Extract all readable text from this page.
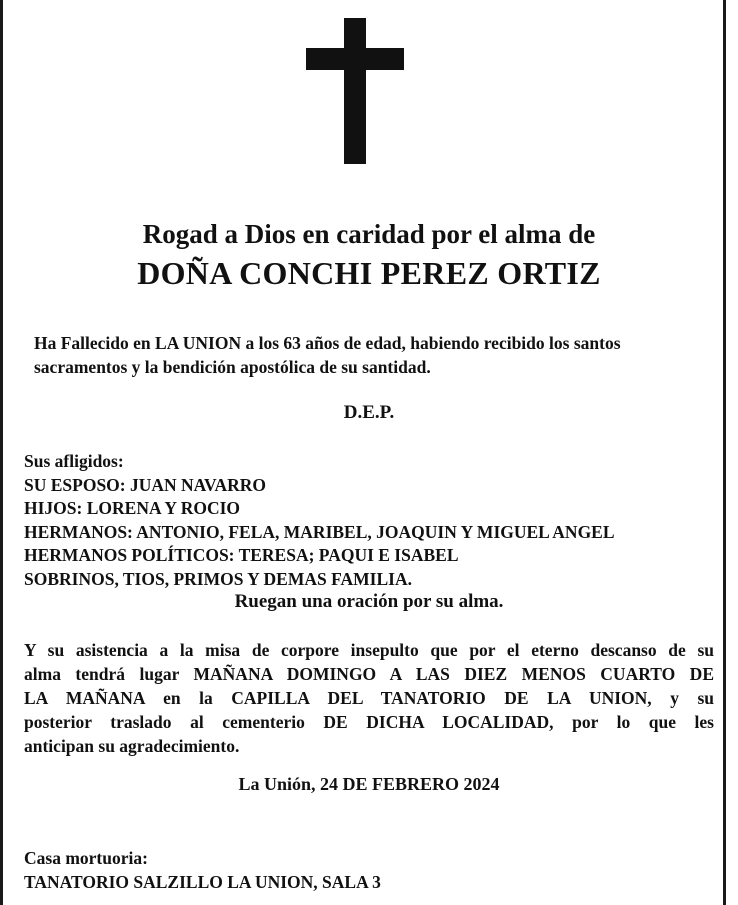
Rogad a Dios en caridad por el alma de
DOÑA CONCHI PEREZ ORTIZ
Ha Fallecido en LA UNION a los 63 años de edad, habiendo recibido los santos
sacramentos y la bendición apostólica de su santidad.
D.E.P.
Sus afligidos:
SU ESPOSO: JUAN NAVARRO
HIJOS: LORENA Y ROCIO
HERMANOS: ANTONIO, FELA, MARIBEL, JOAQUIN Y MIGUEL ANGEL
HERMANOS POLÍTICOS: TERESA; PAQUI E ISABEL
SOBRINOS, TIOS, PRIMOS Y DEMAS FAMILIA.
Ruegan una oración por su alma.
Y su asistencia a la misa de corpore insepulto que por el eterno descanso de su
alma tendrá lugar MAÑANA DOMINGO A LAS DIEZ MENOS CUARTO DE
LA MAÑANA en la CAPILLA DEL TANATORIO DE LA UNION, y su
posterior traslado al cementerio DE DICHA LOCALIDAD, por lo que les
anticipan su agradecimiento.
La Unión, 24 DE FEBRERO 2024
Casa mortuoria:
TANATORIO SALZILLO LA UNION, SALA 3
